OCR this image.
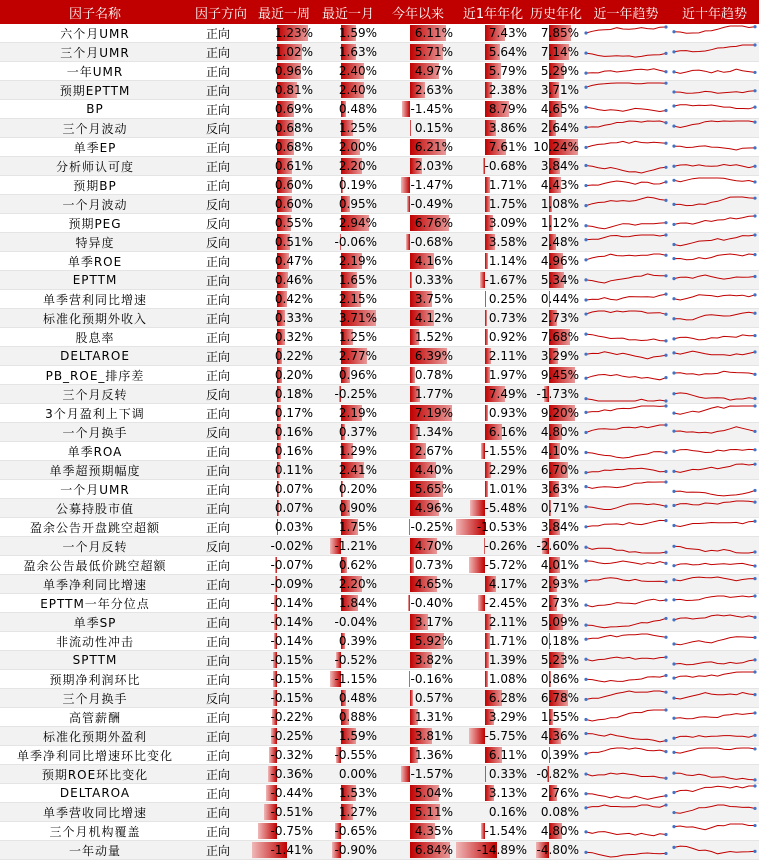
因子名称	因子方向	最近一周	最近一月	今年以来	近1年年化	历史年化	近一年趋势	近十年趋势
六个月UMR	正向	1.23%	1.59%	6.11%	7.43%	7.85%

三个月UMR	正向	1.02%	1.63%	5.71%	5.64%	7.14%

一年UMR	正向	0.96%	2.40%	4.97%	5.79%	5.29%

预期EPTTM	正向	0.81%	2.40%	2.63%	2.38%	3.71%

BP	正向	0.69%	0.48%	-1.45%	8.79%	4.65%

三个月波动	反向	0.68%	1.25%	0.15%	3.86%	2.64%

单季EP	正向	0.68%	2.00%	6.21%	7.61%	10.24%

分析师认可度	正向	0.61%	2.20%	2.03%	-0.68%	3.84%

预期BP	正向	0.60%	0.19%	-1.47%	1.71%	4.43%

一个月波动	反向	0.60%	0.95%	-0.49%	1.75%	1.08%

预期PEG	反向	0.55%	2.94%	6.76%	3.09%	1.12%

特异度	反向	0.51%	-0.06%	-0.68%	3.58%	2.48%

单季ROE	正向	0.47%	2.19%	4.16%	1.14%	4.96%

EPTTM	正向	0.46%	1.65%	0.33%	-1.67%	5.34%

单季营利同比增速	正向	0.42%	2.15%	3.75%	0.25%	0.44%

标准化预期外收入	正向	0.33%	3.71%	4.12%	0.73%	2.73%

股息率	正向	0.32%	1.25%	1.52%	0.92%	7.68%

DELTAROE	正向	0.22%	2.77%	6.39%	2.11%	3.29%

PB_ROE_排序差	正向	0.20%	0.96%	0.78%	1.97%	9.45%

三个月反转	反向	0.18%	-0.25%	1.77%	7.49%	-1.73%

3个月盈利上下调	正向	0.17%	2.19%	7.19%	0.93%	9.20%

一个月换手	反向	0.16%	0.37%	1.34%	6.16%	4.80%

单季ROA	正向	0.16%	1.29%	2.67%	-1.55%	4.10%

单季超预期幅度	正向	0.11%	2.41%	4.40%	2.29%	6.70%

一个月UMR	正向	0.07%	0.20%	5.65%	1.01%	3.63%

公募持股市值	正向	0.07%	0.90%	4.96%	-5.48%	0.71%

盈余公告开盘跳空超额	正向	0.03%	1.75%	-0.25%	-10.53%	3.84%

一个月反转	反向	-0.02%	-1.21%	4.70%	-0.26%	-2.60%

盈余公告最低价跳空超额	正向	-0.07%	0.62%	0.73%	-5.72%	4.01%

单季净利同比增速	正向	-0.09%	2.20%	4.65%	4.17%	2.93%

EPTTM一年分位点	正向	-0.14%	1.84%	-0.40%	-2.45%	2.73%

单季SP	正向	-0.14%	-0.04%	3.17%	2.11%	5.09%

非流动性冲击	正向	-0.14%	0.39%	5.92%	1.71%	0.18%

SPTTM	正向	-0.15%	-0.52%	3.82%	1.39%	5.23%

预期净利润环比	正向	-0.15%	-1.15%	-0.16%	1.08%	0.86%

三个月换手	反向	-0.15%	0.48%	0.57%	6.28%	6.78%

高管薪酬	正向	-0.22%	0.88%	1.31%	3.29%	1.55%

标准化预期外盈利	正向	-0.25%	1.59%	3.81%	-5.75%	4.36%

单季净利同比增速环比变化	正向	-0.32%	-0.55%	1.36%	6.11%	0.39%

预期ROE环比变化	正向	-0.36%	0.00%	-1.57%	0.33%	-0.82%

DELTAROA	正向	-0.44%	1.53%	5.04%	3.13%	2.76%

单季营收同比增速	正向	-0.51%	1.27%	5.11%	0.16%	0.08%

三个月机构覆盖	正向	-0.75%	-0.65%	4.35%	-1.54%	4.80%

一年动量	正向	-1.41%	-0.90%	6.84%	-14.89%	-4.80%
